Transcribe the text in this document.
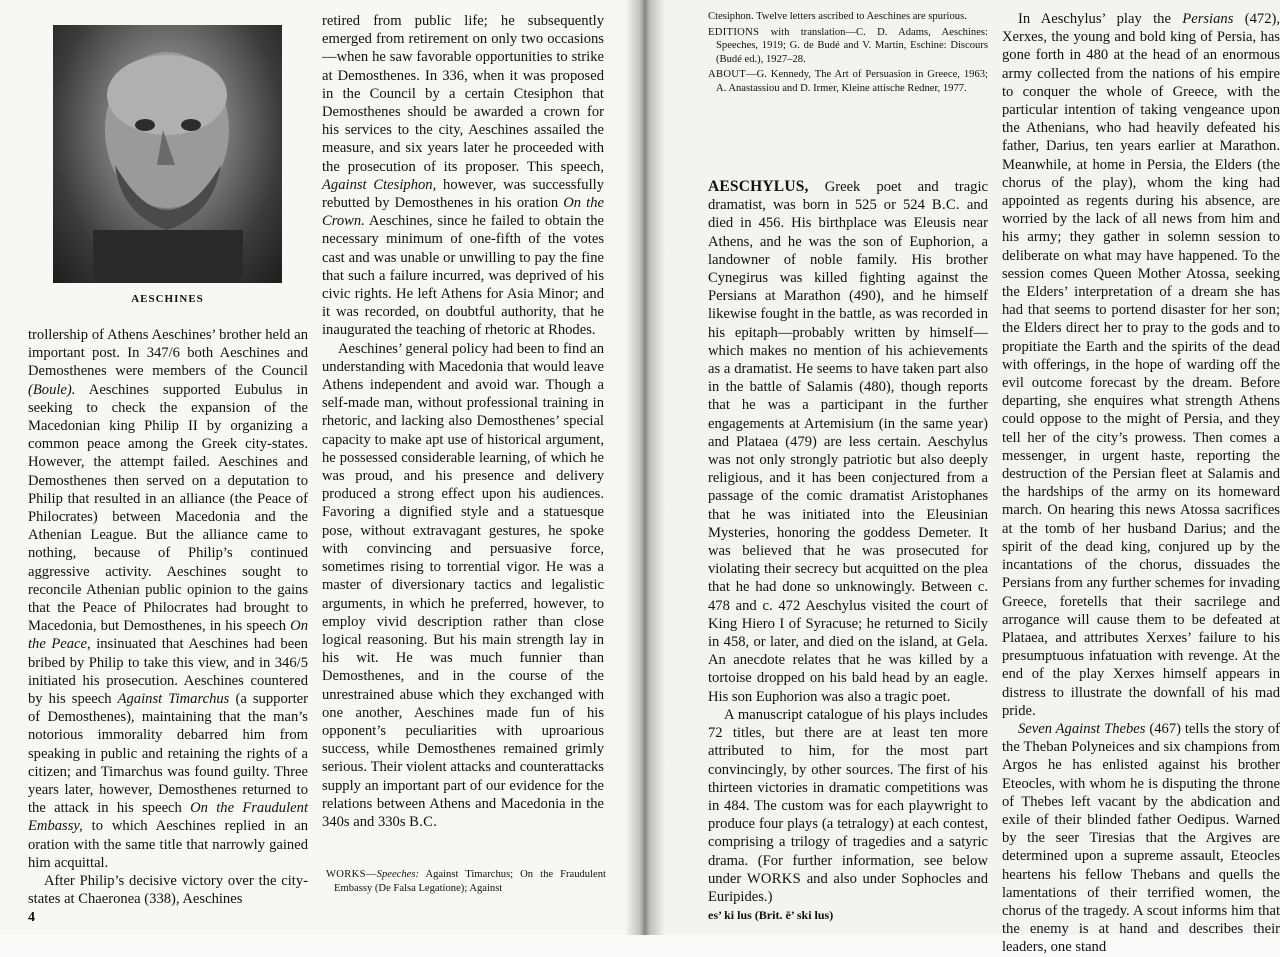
AESCHINES

trollership of Athens Aeschines’ brother held an important post. In 347/6 both Aeschines and Demosthenes were members of the Council (Boule). Aeschines supported Eubulus in seeking to check the expansion of the Macedonian king Philip II by organizing a common peace among the Greek city-states. However, the attempt failed. Aeschines and Demosthenes then served on a deputation to Philip that resulted in an alliance (the Peace of Philocrates) between Macedonia and the Athenian League. But the alliance came to nothing, because of Philip’s continued aggressive activity. Aeschines sought to reconcile Athenian public opinion to the gains that the Peace of Philocrates had brought to Macedonia, but Demosthenes, in his speech On the Peace, insinuated that Aeschines had been bribed by Philip to take this view, and in 346/5 initiated his prosecution. Aeschines countered by his speech Against Timarchus (a supporter of Demosthenes), maintaining that the man’s notorious immorality debarred him from speaking in public and retaining the rights of a citizen; and Timarchus was found guilty. Three years later, however, Demosthenes returned to the attack in his speech On the Fraudulent Embassy, to which Aeschines replied in an oration with the same title that narrowly gained him acquittal.

After Philip’s decisive victory over the city-states at Chaeronea (338), Aeschines

retired from public life; he subsequently emerged from retirement on only two occasions—when he saw favorable opportunities to strike at Demosthenes. In 336, when it was proposed in the Council by a certain Ctesiphon that Demosthenes should be awarded a crown for his services to the city, Aeschines assailed the measure, and six years later he proceeded with the prosecution of its proposer. This speech, Against Ctesiphon, however, was successfully rebutted by Demosthenes in his oration On the Crown. Aeschines, since he failed to obtain the necessary minimum of one-fifth of the votes cast and was unable or unwilling to pay the fine that such a failure incurred, was deprived of his civic rights. He left Athens for Asia Minor; and it was recorded, on doubtful authority, that he inaugurated the teaching of rhetoric at Rhodes.

Aeschines’ general policy had been to find an understanding with Macedonia that would leave Athens independent and avoid war. Though a self-made man, without professional training in rhetoric, and lacking also Demosthenes’ special capacity to make apt use of historical argument, he possessed considerable learning, of which he was proud, and his presence and delivery produced a strong effect upon his audiences. Favoring a dignified style and a statuesque pose, without extravagant gestures, he spoke with convincing and persuasive force, sometimes rising to torrential vigor. He was a master of diversionary tactics and legalistic arguments, in which he preferred, however, to employ vivid description rather than close logical reasoning. But his main strength lay in his wit. He was much funnier than Demosthenes, and in the course of the unrestrained abuse which they exchanged with one another, Aeschines made fun of his opponent’s peculiarities with uproarious success, while Demosthenes remained grimly serious. Their violent attacks and counterattacks supply an important part of our evidence for the relations between Athens and Macedonia in the 340s and 330s B.C.

WORKS—Speeches: Against Timarchus; On the Fraudulent Embassy (De Falsa Legatione); Against

4

Ctesiphon. Twelve letters ascribed to Aeschines are spurious.

EDITIONS with translation—C. D. Adams, Aeschines: Speeches, 1919; G. de Budé and V. Martin, Eschine: Discours (Budé ed.), 1927–28.

ABOUT—G. Kennedy, The Art of Persuasion in Greece, 1963; A. Anastassiou and D. Irmer, Kleine attische Redner, 1977.

AESCHYLUS, Greek poet and tragic dramatist, was born in 525 or 524 B.C. and died in 456. His birthplace was Eleusis near Athens, and he was the son of Euphorion, a landowner of noble family. His brother Cynegirus was killed fighting against the Persians at Marathon (490), and he himself likewise fought in the battle, as was recorded in his epitaph—probably written by himself—which makes no mention of his achievements as a dramatist. He seems to have taken part also in the battle of Salamis (480), though reports that he was a participant in the further engagements at Artemisium (in the same year) and Plataea (479) are less certain. Aeschylus was not only strongly patriotic but also deeply religious, and it has been conjectured from a passage of the comic dramatist Aristophanes that he was initiated into the Eleusinian Mysteries, honoring the goddess Demeter. It was believed that he was prosecuted for violating their secrecy but acquitted on the plea that he had done so unknowingly. Between c. 478 and c. 472 Aeschylus visited the court of King Hiero I of Syracuse; he returned to Sicily in 458, or later, and died on the island, at Gela. An anecdote relates that he was killed by a tortoise dropped on his bald head by an eagle. His son Euphorion was also a tragic poet.

A manuscript catalogue of his plays includes 72 titles, but there are at least ten more attributed to him, for the most part convincingly, by other sources. The first of his thirteen victories in dramatic competitions was in 484. The custom was for each playwright to produce four plays (a tetralogy) at each contest, comprising a trilogy of tragedies and a satyric drama. (For further information, see below under WORKS and also under Sophocles and Euripides.)

es’ ki lus (Brit. ē’ ski lus)

In Aeschylus’ play the Persians (472), Xerxes, the young and bold king of Persia, has gone forth in 480 at the head of an enormous army collected from the nations of his empire to conquer the whole of Greece, with the particular intention of taking vengeance upon the Athenians, who had heavily defeated his father, Darius, ten years earlier at Marathon. Meanwhile, at home in Persia, the Elders (the chorus of the play), whom the king had appointed as regents during his absence, are worried by the lack of all news from him and his army; they gather in solemn session to deliberate on what may have happened. To the session comes Queen Mother Atossa, seeking the Elders’ interpretation of a dream she has had that seems to portend disaster for her son; the Elders direct her to pray to the gods and to propitiate the Earth and the spirits of the dead with offerings, in the hope of warding off the evil outcome forecast by the dream. Before departing, she enquires what strength Athens could oppose to the might of Persia, and they tell her of the city’s prowess. Then comes a messenger, in urgent haste, reporting the destruction of the Persian fleet at Salamis and the hardships of the army on its homeward march. On hearing this news Atossa sacrifices at the tomb of her husband Darius; and the spirit of the dead king, conjured up by the incantations of the chorus, dissuades the Persians from any further schemes for invading Greece, foretells that their sacrilege and arrogance will cause them to be defeated at Plataea, and attributes Xerxes’ failure to his presumptuous infatuation with revenge. At the end of the play Xerxes himself appears in distress to illustrate the downfall of his mad pride.

Seven Against Thebes (467) tells the story of the Theban Polyneices and six champions from Argos he has enlisted against his brother Eteocles, with whom he is disputing the throne of Thebes left vacant by the abdication and exile of their blinded father Oedipus. Warned by the seer Tiresias that the Argives are determined upon a supreme assault, Eteocles heartens his fellow Thebans and quells the lamentations of their terrified women, the chorus of the tragedy. A scout informs him that the enemy is at hand and describes their leaders, one stand
